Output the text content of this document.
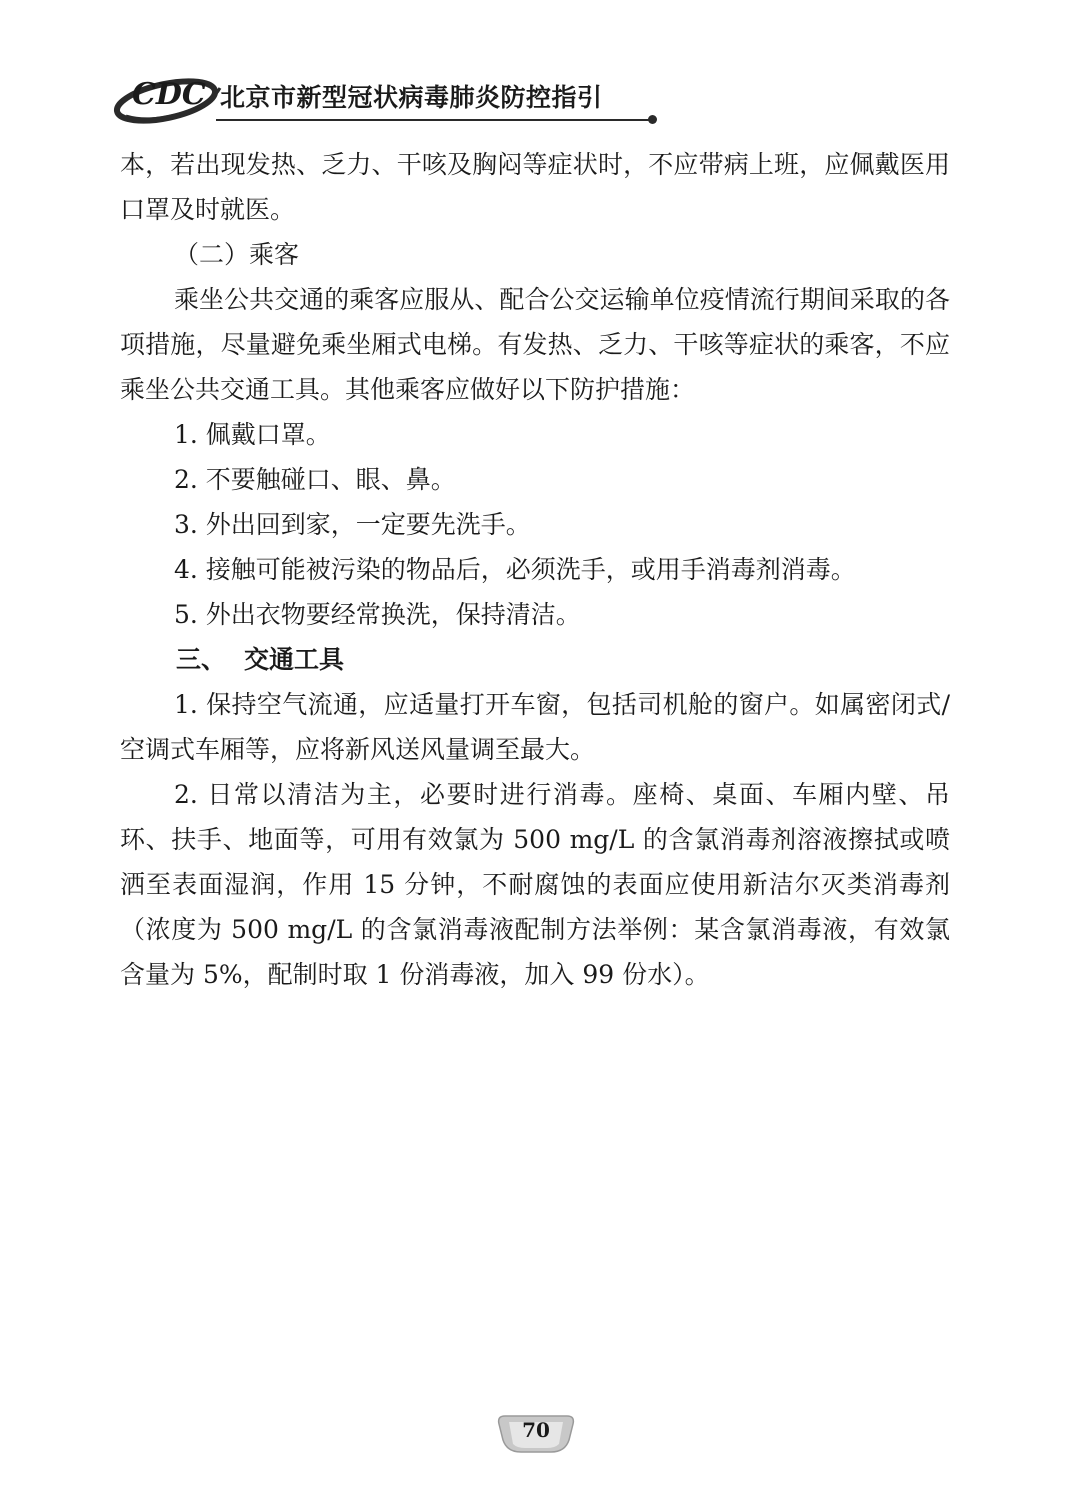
CDC 北京市新型冠状病毒肺炎防控指引

本，若出现发热、乏力、干咳及胸闷等症状时，不应带病上班，应佩戴医用口罩及时就医。

（二）乘客

乘坐公共交通的乘客应服从、配合公交运输单位疫情流行期间采取的各项措施，尽量避免乘坐厢式电梯。有发热、乏力、干咳等症状的乘客，不应乘坐公共交通工具。其他乘客应做好以下防护措施：

1. 佩戴口罩。

2. 不要触碰口、眼、鼻。

3. 外出回到家，一定要先洗手。

4. 接触可能被污染的物品后，必须洗手，或用手消毒剂消毒。

5. 外出衣物要经常换洗，保持清洁。

三、 交通工具

1. 保持空气流通，应适量打开车窗，包括司机舱的窗户。如属密闭式/空调式车厢等，应将新风送风量调至最大。

2. 日常以清洁为主，必要时进行消毒。座椅、桌面、车厢内壁、吊环、扶手、地面等，可用有效氯为 500 mg/L 的含氯消毒剂溶液擦拭或喷洒至表面湿润，作用 15 分钟，不耐腐蚀的表面应使用新洁尔灭类消毒剂（浓度为 500 mg/L 的含氯消毒液配制方法举例：某含氯消毒液，有效氯含量为 5%，配制时取 1 份消毒液，加入 99 份水）。

70
